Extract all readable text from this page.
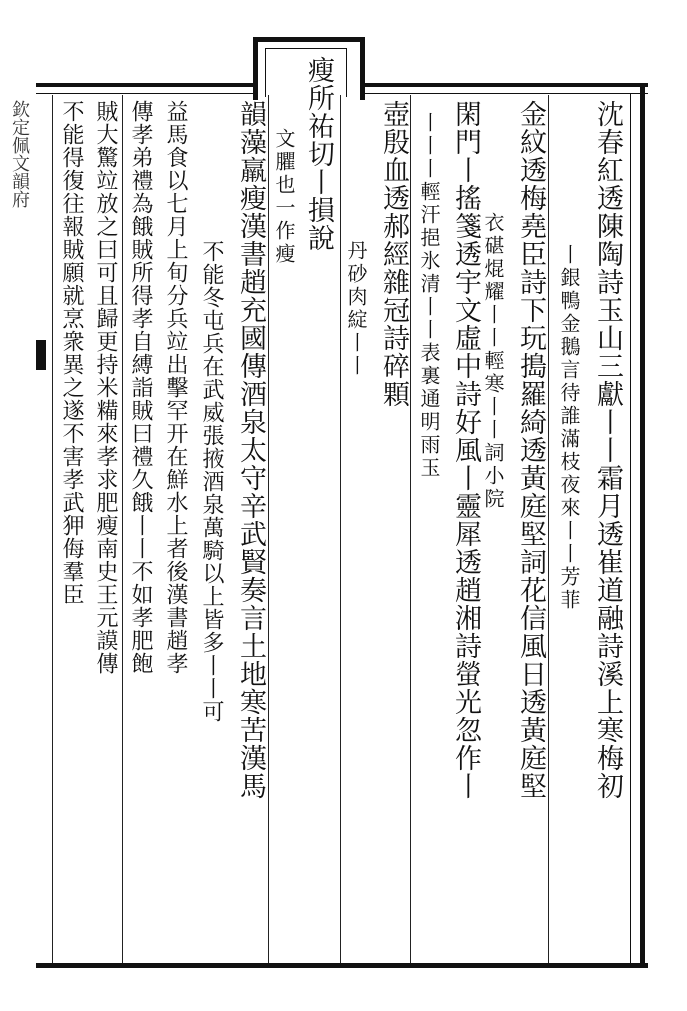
沈春紅透陳陶詩玉山三獻丨丨霜月透崔道融詩溪上寒梅初
丨銀鴨金鵝言待誰滿枝夜來丨丨芳菲
金紋透梅堯臣詩下玩搗羅綺透黃庭堅詞花信風日透黃庭堅
衣碪焜耀丨丨輕寒丨丨詞小院
閑門丨搖箋透宇文虛中詩好風丨靈犀透趙湘詩螢光忽作丨
丨丨丨輕汗挹氷清丨丨表裏通明雨玉
壺殷血透郝經雜冠詩碎顆
丹砂肉綻丨丨
瘦所祐切丨損說
文臞也一作瘦
韻藻羸瘦漢書趙充國傳酒泉太守辛武賢奏言土地寒苦漢馬
不能冬屯兵在武威張掖酒泉萬騎以上皆多丨丨可
益馬食以七月上旬分兵竝出擊罕开在鮮水上者後漢書趙孝
傳孝弟禮為餓賊所得孝自縛詣賊曰禮久餓丨丨不如孝肥飽
賊大驚竝放之曰可且歸更持米糒來孝求肥瘦南史王元謨傳
不能得復往報賊願就烹衆異之遂不害孝武狎侮羣臣
欽定佩文韻府
